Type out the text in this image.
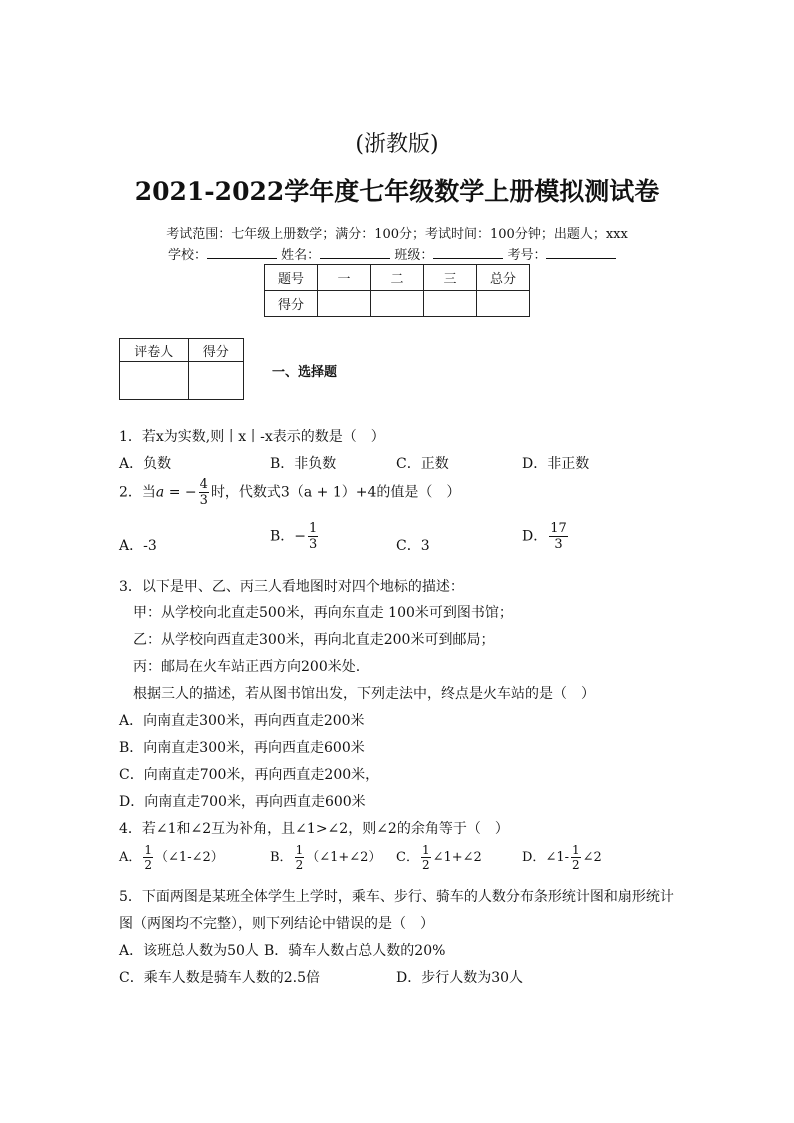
(浙教版)
2021-2022学年度七年级数学上册模拟测试卷
考试范围：七年级上册数学；满分：100分；考试时间：100分钟；出题人；xxx
学校：	姓名：	班级：	考号：
题号	一	二	三	总分
得分				
评卷人	得分

一、选择题
1．若x为实数,则丨x丨-x表示的数是（　）
A．负数	B．非负数	C．正数	D．非正数
2．当a = − $\frac{4}{3}$ 时，代数式3（a + 1）+4的值是（　）
A．-3
B．− $\frac{1}{3}$	C．3
D． $\frac{17}{3}$
3．以下是甲、乙、丙三人看地图时对四个地标的描述：
甲：从学校向北直走500米，再向东直走 100米可到图书馆；
乙：从学校向西直走300米，再向北直走200米可到邮局；
丙：邮局在火车站正西方向200米处.
根据三人的描述，若从图书馆出发，下列走法中，终点是火车站的是（　）
A．向南直走300米，再向西直走200米
B．向南直走300米，再向西直走600米
C．向南直走700米，再向西直走200米，
D．向南直走700米，再向西直走600米
4．若∠1和∠2互为补角，且∠1>∠2，则∠2的余角等于（　）
A． $\frac{1}{2}$ （∠1-∠2）	B． $\frac{1}{2}$ （∠1+∠2） C． $\frac{1}{2}$ ∠1+∠2	D．∠1- $\frac{1}{2}$ ∠2
5．下面两图是某班全体学生上学时，乘车、步行、骑车的人数分布条形统计图和扇形统计
图（两图均不完整），则下列结论中错误的是（　）
A．该班总人数为50人 B．骑车人数占总人数的20%
C．乘车人数是骑车人数的2.5倍	D．步行人数为30人
